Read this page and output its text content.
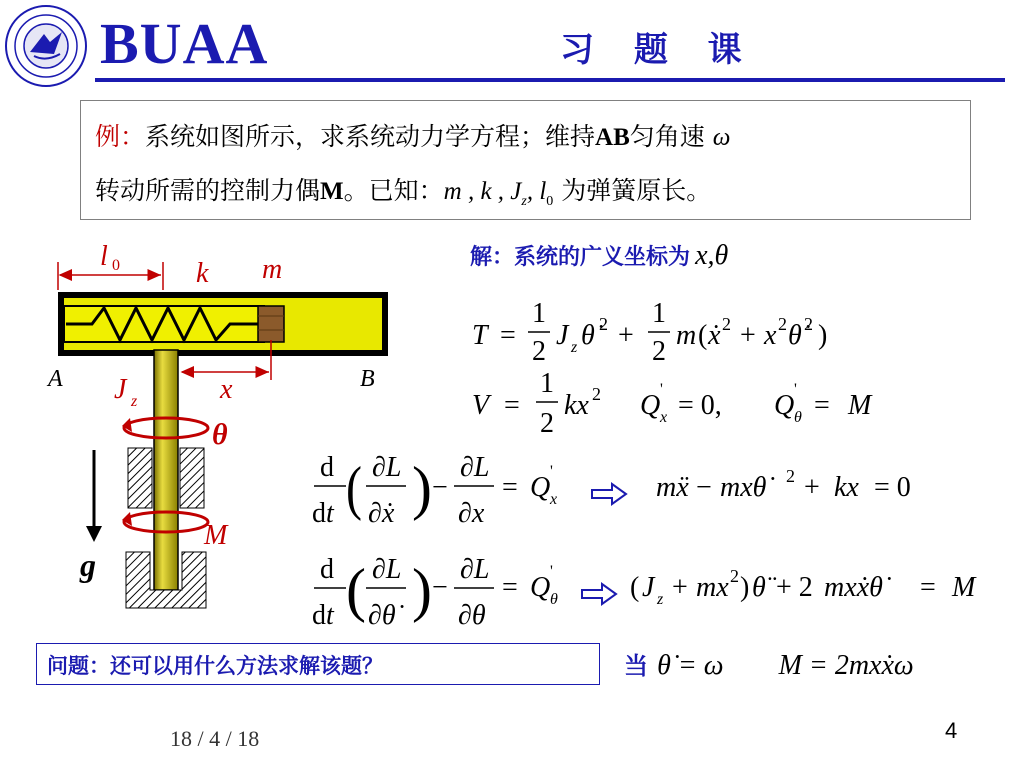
BUAA	习 题 课
例：系统如图所示，求系统动力学方程；维持AB匀角速 ω
转动所需的控制力偶M。已知：m , k , $J_z$, $l_0$ 为弹簧原长。
l 0	k m
x
A	B
J z
θ
M
g
解：系统的广义坐标为 x,θ
T =
1
2
J z θ̇ 2 +
1
2
m ( ẋ 2 + x 2 θ̇ 2 )
V =
1
2
kx 2 Q
'
x = 0, Q
'
θ = M
d
dt ( ∂L
∂ẋ ) −
∂L
∂x
= Q
'
x	mẍ − mxθ̇	2 + kx = 0
d
dt ( ∂L
∂θ̇ ) −
∂L
∂θ
= Q
'
θ	( J z + mx 2 ) θ̈ + 2 mxẋθ̇ = M
当 θ̇ = ω M = 2mxẋω
问题：还可以用什么方法求解该题？
18 / 4 / 18	4
